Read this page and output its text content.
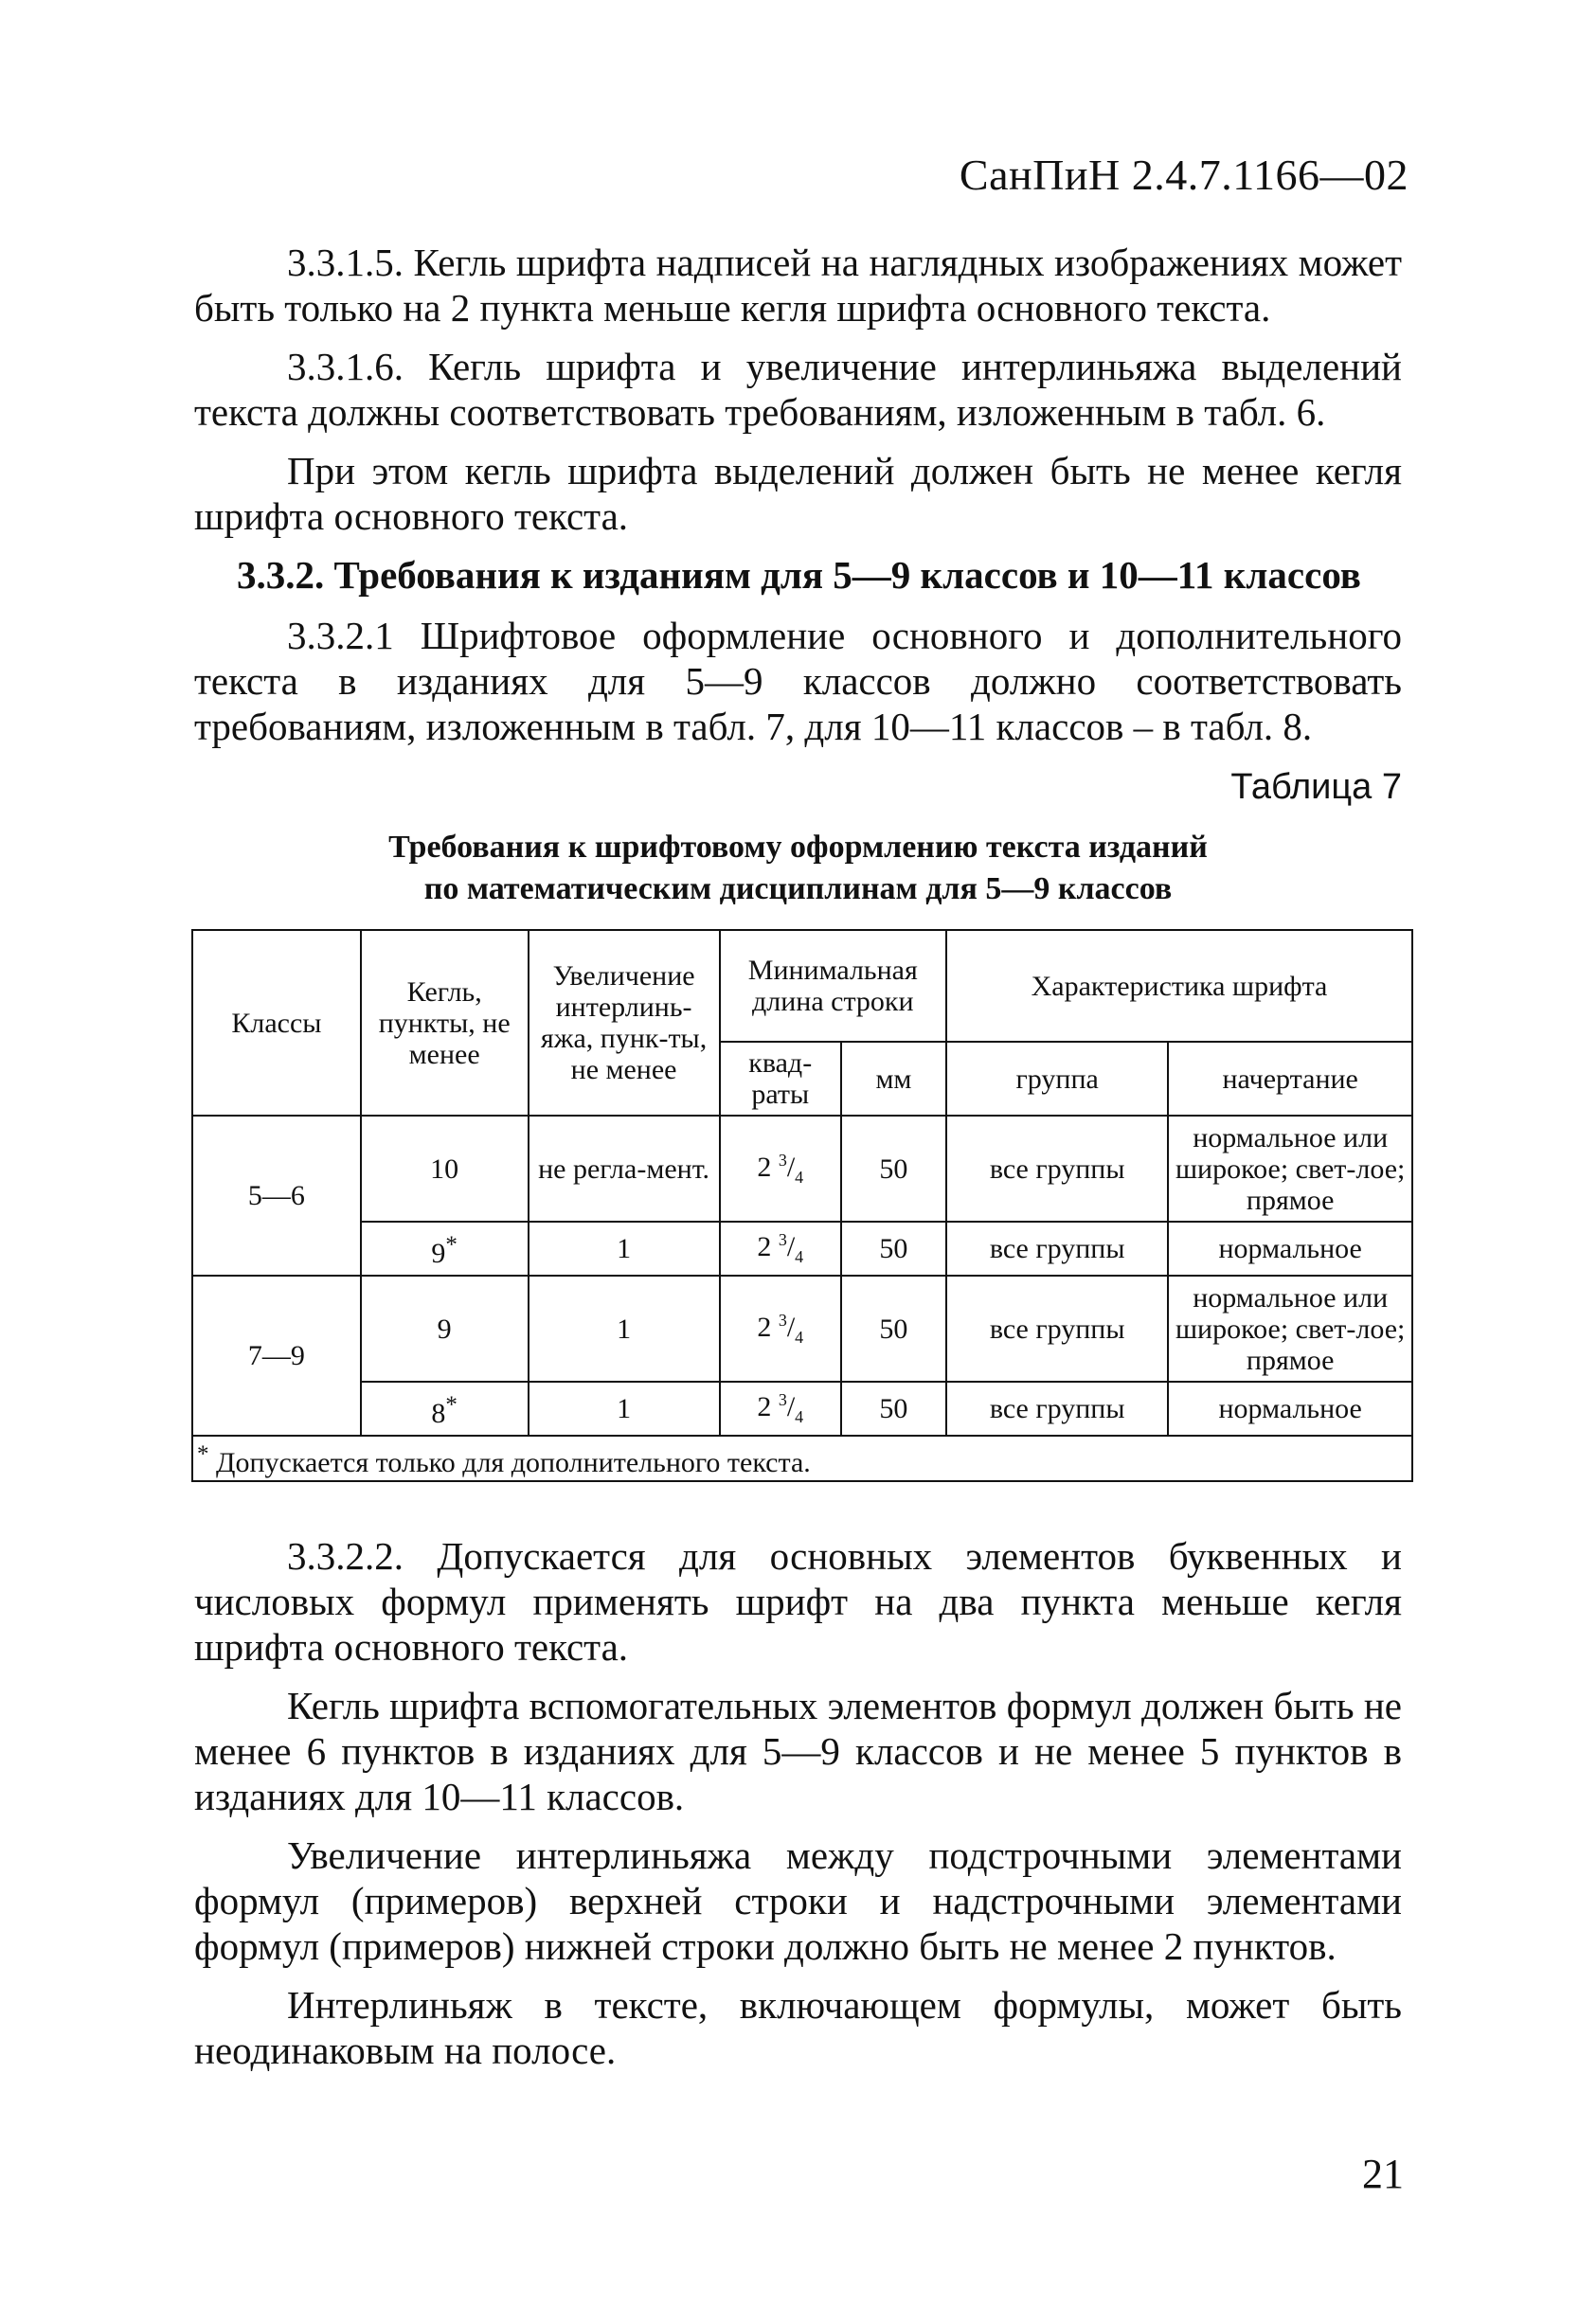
СанПиН 2.4.7.1166—02

3.3.1.5. Кегль шрифта надписей на наглядных изображениях может быть только на 2 пункта меньше кегля шрифта основного текста.

3.3.1.6. Кегль шрифта и увеличение интерлиньяжа выделений текста должны соответствовать требованиям, изложенным в табл. 6.

При этом кегль шрифта выделений должен быть не менее кегля шрифта основного текста.

3.3.2. Требования к изданиям для 5—9 классов и 10—11 классов

3.3.2.1 Шрифтовое оформление основного и дополнительного текста в изданиях для 5—9 классов должно соответствовать требованиям, изложенным в табл. 7, для 10—11 классов – в табл. 8.

Таблица 7
Требования к шрифтовому оформлению текста изданий
по математическим дисциплинам для 5—9 классов
Классы	Кегль, пункты, не менее	Увеличение интерлинь-яжа, пунк-ты, не менее	Минимальная длина строки		Характеристика шрифта	
			квад-раты	мм	группа	начертание
5—6	10	не регла-мент.	2 $^3/_4$	50	все группы	нормальное или широкое; свет-лое; прямое
	9*	1	2 $^3/_4$	50	все группы	нормальное
7—9	9	1	2 $^3/_4$	50	все группы	нормальное или широкое; свет-лое; прямое
	8*	1	2 $^3/_4$	50	все группы	нормальное
* Допускается только для дополнительного текста.						

3.3.2.2. Допускается для основных элементов буквенных и числовых формул применять шрифт на два пункта меньше кегля шрифта основного текста.

Кегль шрифта вспомогательных элементов формул должен быть не менее 6 пунктов в изданиях для 5—9 классов и не менее 5 пунктов в изданиях для 10—11 классов.

Увеличение интерлиньяжа между подстрочными элементами формул (примеров) верхней строки и надстрочными элементами формул (примеров) нижней строки должно быть не менее 2 пунктов.

Интерлиньяж в тексте, включающем формулы, может быть неодинаковым на полосе.

21
